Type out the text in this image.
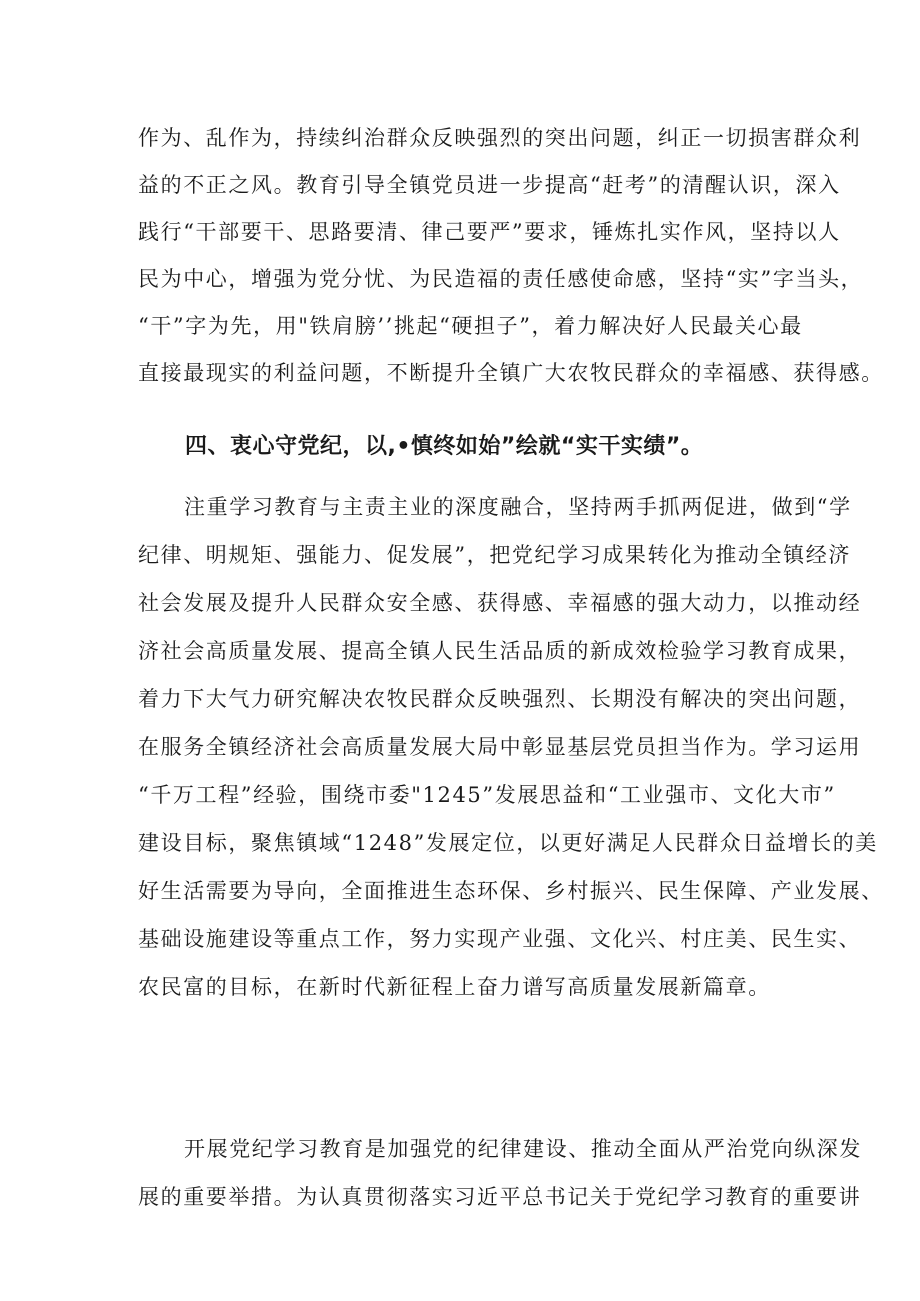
作为、乱作为，持续纠治群众反映强烈的突出问题，纠正一切损害群众利
益的不正之风。教育引导全镇党员进一步提高“赶考”的清醒认识，深入
践行“干部要干、思路要清、律己要严”要求，锤炼扎实作风，坚持以人
民为中心，增强为党分忧、为民造福的责任感使命感，坚持“实”字当头，
“干”字为先，用"铁肩膀’’挑起“硬担子”，着力解决好人民最关心最
直接最现实的利益问题，不断提升全镇广大农牧民群众的幸福感、获得感。
四、衷心守党纪，以,•慎终如始”绘就“实干实绩”。
注重学习教育与主责主业的深度融合，坚持两手抓两促进，做到“学
纪律、明规矩、强能力、促发展”，把党纪学习成果转化为推动全镇经济
社会发展及提升人民群众安全感、获得感、幸福感的强大动力，以推动经
济社会高质量发展、提高全镇人民生活品质的新成效检验学习教育成果，
着力下大气力研究解决农牧民群众反映强烈、长期没有解决的突出问题，
在服务全镇经济社会高质量发展大局中彰显基层党员担当作为。学习运用
“千万工程”经验，围绕市委"1245”发展思益和“工业强市、文化大市”
建设目标，聚焦镇域“1248”发展定位，以更好满足人民群众日益增长的美
好生活需要为导向，全面推进生态环保、乡村振兴、民生保障、产业发展、
基础设施建设等重点工作，努力实现产业强、文化兴、村庄美、民生实、
农民富的目标，在新时代新征程上奋力谱写高质量发展新篇章。
开展党纪学习教育是加强党的纪律建设、推动全面从严治党向纵深发
展的重要举措。为认真贯彻落实习近平总书记关于党纪学习教育的重要讲
